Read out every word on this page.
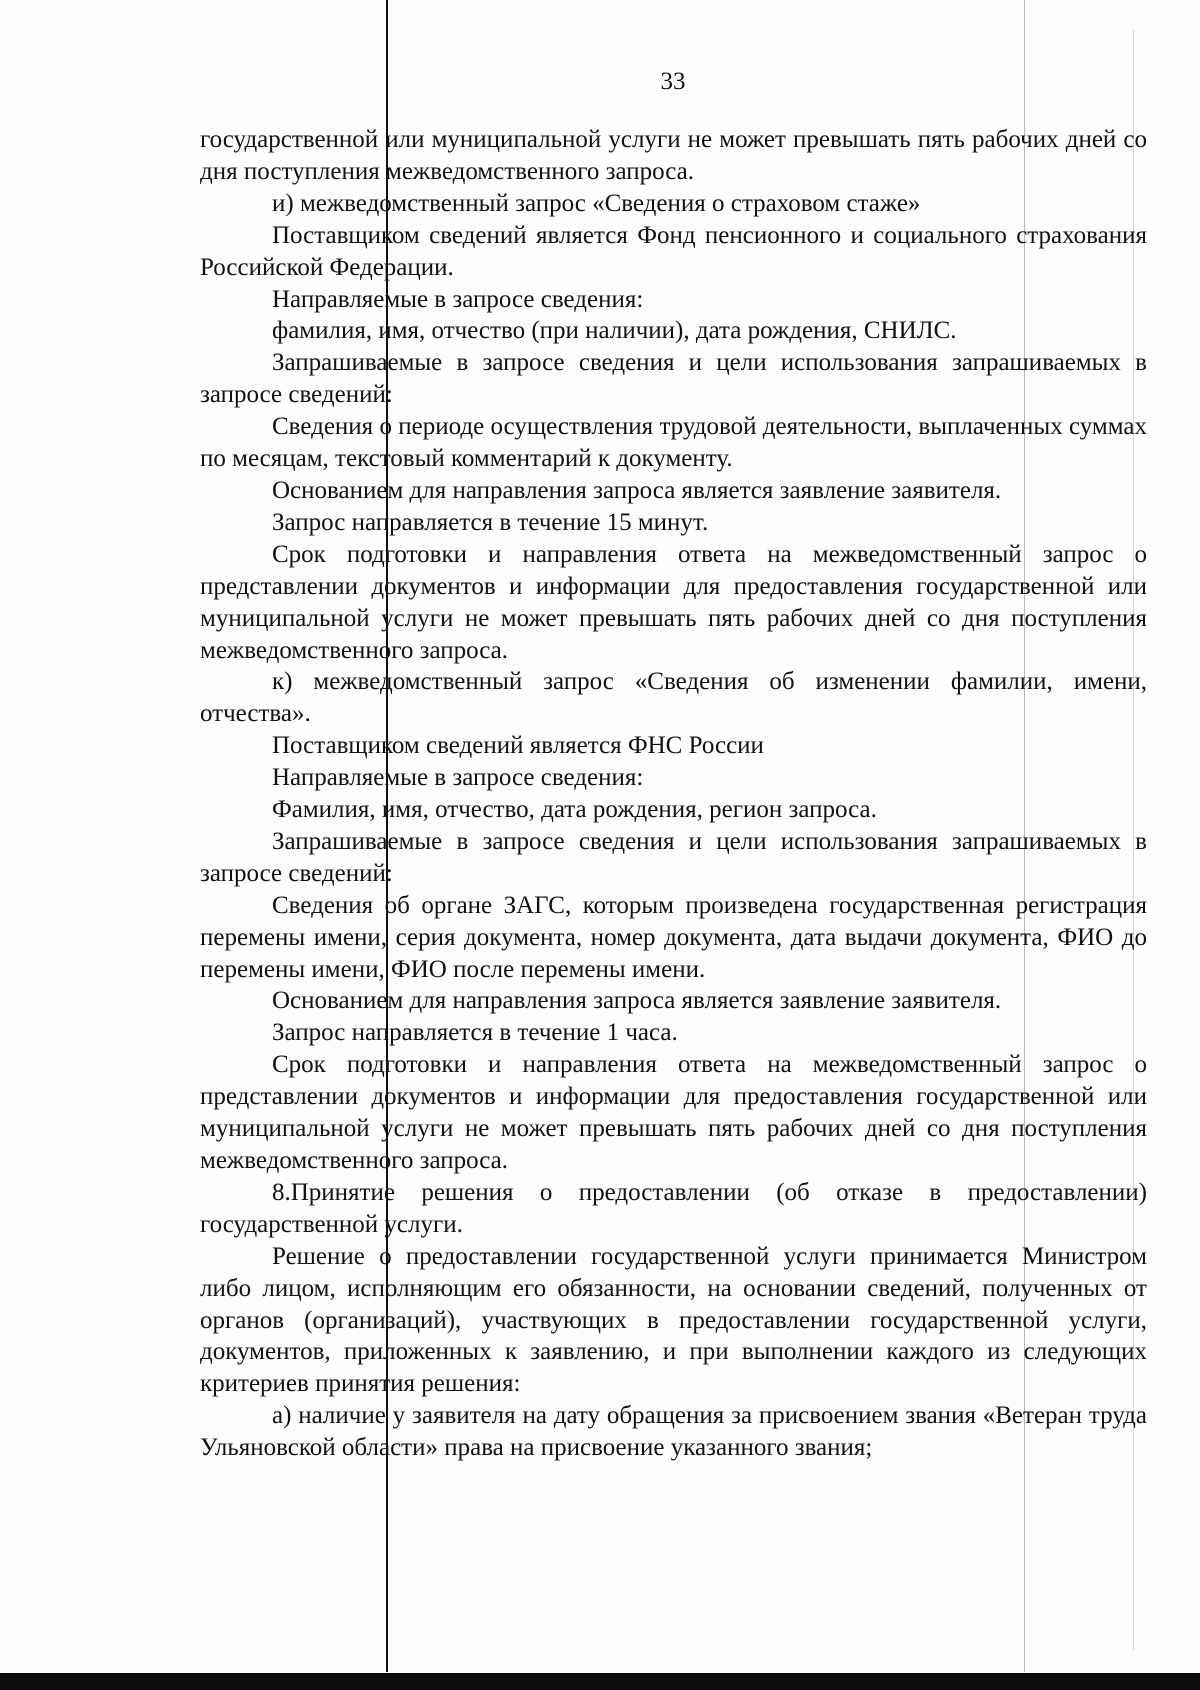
33

государственной или муниципальной услуги не может превышать пять рабочих дней со дня поступления межведомственного запроса.

и) межведомственный запрос «Сведения о страховом стаже»

Поставщиком сведений является Фонд пенсионного и социального страхования Российской Федерации.

Направляемые в запросе сведения:

фамилия, имя, отчество (при наличии), дата рождения, СНИЛС.

Запрашиваемые в запросе сведения и цели использования запрашиваемых в запросе сведений:

Сведения о периоде осуществления трудовой деятельности, выплаченных суммах по месяцам, текстовый комментарий к документу.

Основанием для направления запроса является заявление заявителя.

Запрос направляется в течение 15 минут.

Срок подготовки и направления ответа на межведомственный запрос о представлении документов и информации для предоставления государственной или муниципальной услуги не может превышать пять рабочих дней со дня поступления межведомственного запроса.

к) межведомственный запрос «Сведения об изменении фамилии, имени, отчества».

Поставщиком сведений является ФНС России

Направляемые в запросе сведения:

Фамилия, имя, отчество, дата рождения, регион запроса.

Запрашиваемые в запросе сведения и цели использования запрашиваемых в запросе сведений:

Сведения об органе ЗАГС, которым произведена государственная регистрация перемены имени, серия документа, номер документа, дата выдачи документа, ФИО до перемены имени, ФИО после перемены имени.

Основанием для направления запроса является заявление заявителя.

Запрос направляется в течение 1 часа.

Срок подготовки и направления ответа на межведомственный запрос о представлении документов и информации для предоставления государственной или муниципальной услуги не может превышать пять рабочих дней со дня поступления межведомственного запроса.

8.Принятие решения о предоставлении (об отказе в предоставлении) государственной услуги.

Решение о предоставлении государственной услуги принимается Министром либо лицом, исполняющим его обязанности, на основании сведений, полученных от органов (организаций), участвующих в предоставлении государственной услуги, документов, приложенных к заявлению, и при выполнении каждого из следующих критериев принятия решения:

а) наличие у заявителя на дату обращения за присвоением звания «Ветеран труда Ульяновской области» права на присвоение указанного звания;
